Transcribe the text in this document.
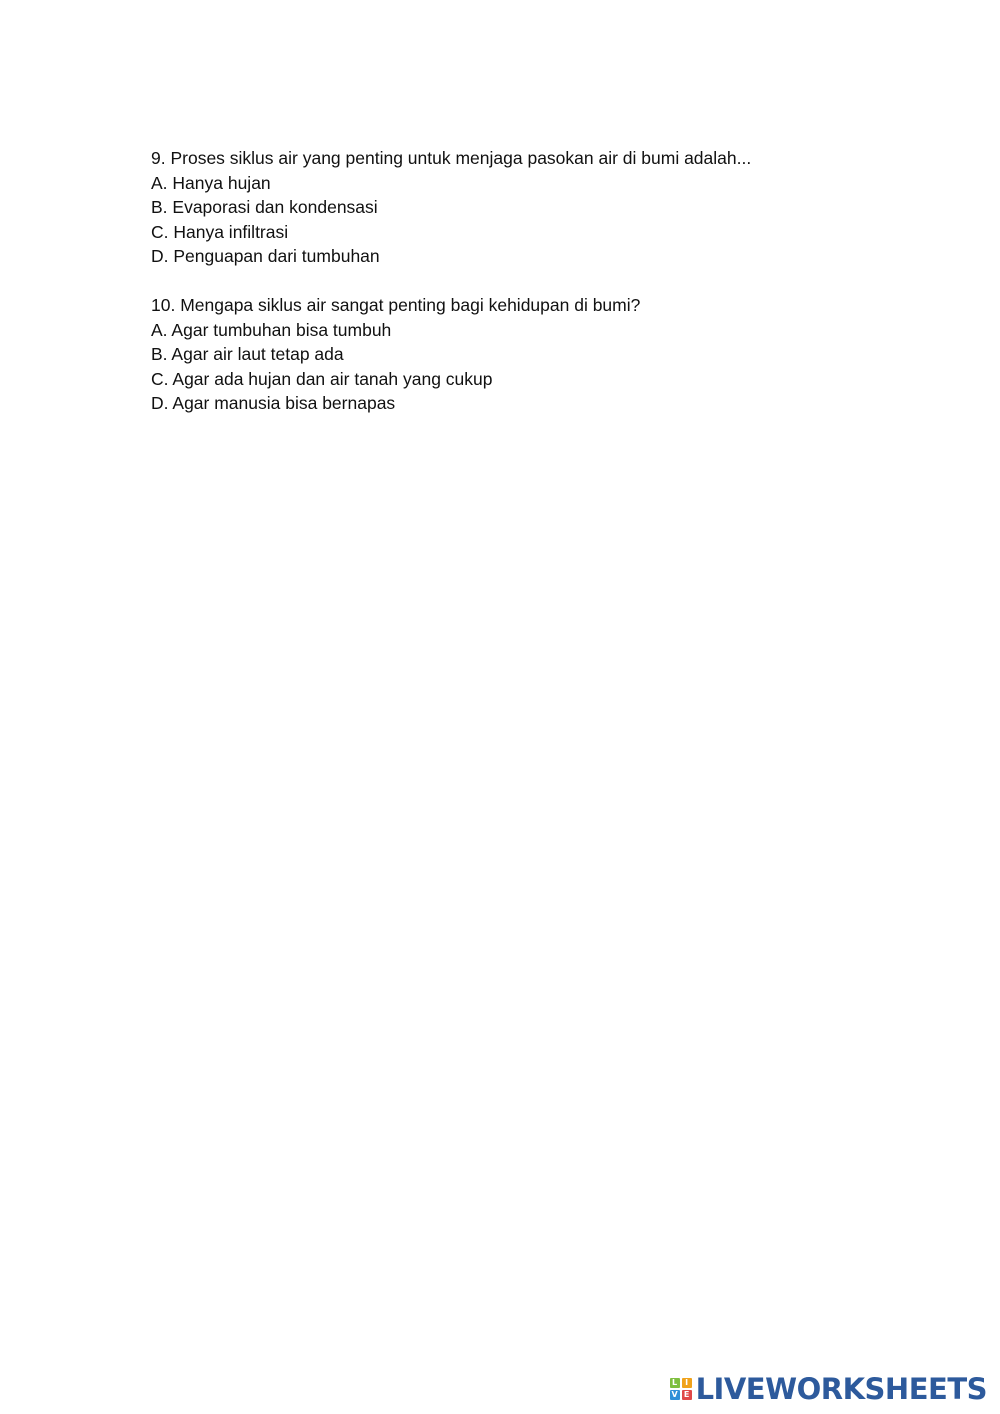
9. Proses siklus air yang penting untuk menjaga pasokan air di bumi adalah...
A. Hanya hujan
B. Evaporasi dan kondensasi
C. Hanya infiltrasi
D. Penguapan dari tumbuhan
10. Mengapa siklus air sangat penting bagi kehidupan di bumi?
A. Agar tumbuhan bisa tumbuh
B. Agar air laut tetap ada
C. Agar ada hujan dan air tanah yang cukup
D. Agar manusia bisa bernapas
L I
V E LIVEWORKSHEETS
